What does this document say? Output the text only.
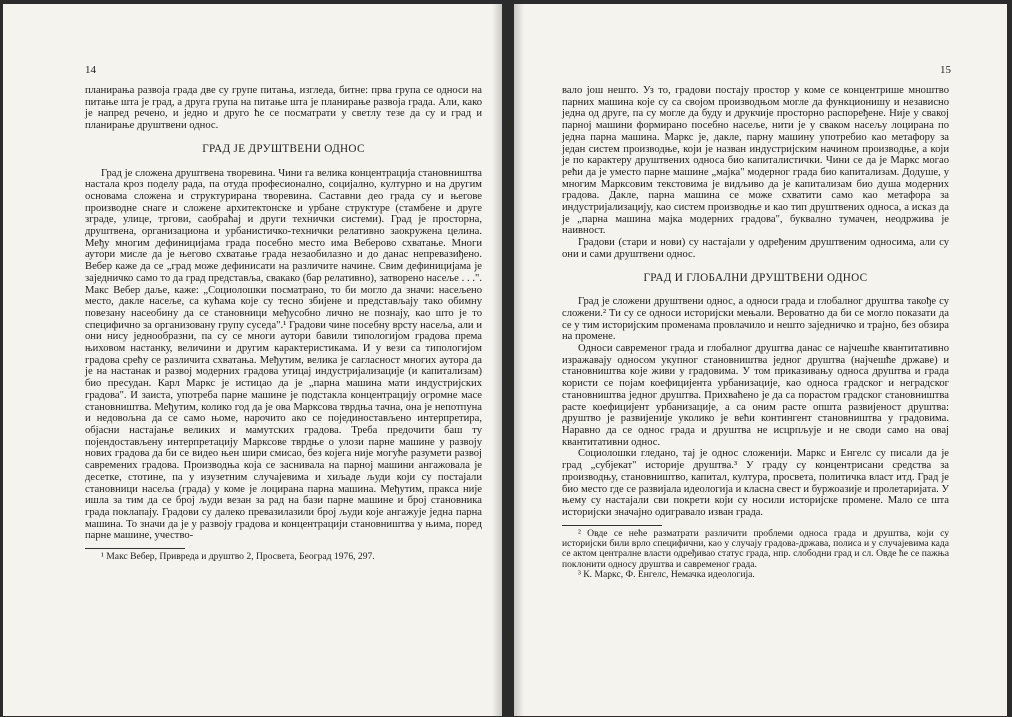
14

планирања развоја града две су групе питања, изгледа, битне: прва група се односи на питање шта је град, а друга група на питање шта је планирање развоја града. Али, како је напред речено, и једно и друго ће се посматрати у светлу тезе да су и град и планирање друштвени однос.

ГРАД ЈЕ ДРУШТВЕНИ ОДНОС

Град је сложена друштвена творевина. Чини га велика концентрација становништва настала кроз поделу рада, па отуда професионално, социјално, културно и на другим основама сложена и структурирана творевина. Саставни део града су и његове производне снаге и сложене архитектонске и урбане структуре (стамбене и друге зграде, улице, тргови, саобраћај и други технички системи). Град је просторна, друштвена, организациона и урбанистичко-технички релативно заокружена целина. Међу многим дефиницијама града посебно место има Веберово схватање. Многи аутори мисле да је његово схватање града незаобилазно и до данас непревазиђено. Вебер каже да се „град може дефинисати на различите начине. Свим дефиницијама је заједничко само то да град представља, свакако (бар релативно), затворено насеље . . .". Макс Вебер даље, каже: „Социолошки посматрано, то би могло да значи: насељено место, дакле насеље, са кућама које су тесно збијене и представљају тако обимну повезану насеобину да се становници међусобно лично не познају, као што је то специфично за организовану групу суседа".¹ Градови чине посебну врсту насеља, али и они нису једнообразни, па су се многи аутори бавили типологијом градова према њиховом настанку, величини и другим карактеристикама. И у вези са типологијом градова срећу се различита схватања. Међутим, велика је сагласност многих аутора да је на настанак и развој модерних градова утицај индустријализације (и капитализам) био пресудан. Карл Маркс је истицао да је „парна машина мати индустријских градова". И заиста, употреба парне машине је подстакла концентрацију огромне масе становништва. Међутим, колико год да је ова Марксова тврдња тачна, она је непотпуна и недовољна да се само њоме, нарочито ако се појединостављено интерпретира, објасни настајање великих и мамутских градова. Треба предочити баш ту појендостављену интерпретацију Марксове тврдње о улози парне машине у развоју нових градова да би се видео њен шири смисао, без којега није могуће разумети развој савремених градова. Производња која се заснивала на парној машини ангажовала је десетке, стотине, па у изузетним случајевима и хиљаде људи који су постајали становници насеља (града) у коме је лоцирана парна машина. Међутим, пракса није ишла за тим да се број људи везан за рад на бази парне машине и број становника града поклапају. Градови су далеко превазилазили број људи које ангажује једна парна машина. То значи да је у развоју градова и концентрацији становништва у њима, поред парне машине, учество-

¹ Макс Вебер, Привреда и друштво 2, Просвета, Београд 1976, 297.

15

вало још нешто. Уз то, градови постају простор у коме се концентрише мноштво парних машина које су са својом производњом могле да функционишу и независно једна од друге, па су могле да буду и друкчије просторно распоређене. Није у свакој парној машини формирано посебно насеље, нити је у сваком насељу лоцирана по једна парна машина. Маркс је, дакле, парну машину употребио као метафору за један систем производње, који је назван индустријским начином производње, а који је по карактеру друштвених односа био капиталистички. Чини се да је Маркс могао рећи да је уместо парне машине „мајка" модерног града био капитализам. Додуше, у многим Марксовим текстовима је видљиво да је капитализам био душа модерних градова. Дакле, парна машина се може схватити само као метафора за индустријализацију, као систем производње и као тип друштвених односа, а исказ да је „парна машина мајка модерних градова", буквално тумачен, неодржива је наивност.

Градови (стари и нови) су настајали у одређеним друштвеним односима, али су они и сами друштвени однос.

ГРАД И ГЛОБАЛНИ ДРУШТВЕНИ ОДНОС

Град је сложени друштвени однос, а односи града и глобалног друштва такође су сложени.² Ти су се односи историјски мењали. Вероватно да би се могло показати да се у тим историјским променама провлачило и нешто заједничко и трајно, без обзира на промене.

Односи савременог града и глобалног друштва данас се најчешће квантитативно изражавају односом укупног становништва једног друштва (најчешће државе) и становништва које живи у градовима. У том приказивању односа друштва и града користи се појам коефицијента урбанизације, као односа градског и неградског становништва једног друштва. Прихваћено је да са порастом градског становништва расте коефицијент урбанизације, а са оним расте општа развијеност друштва: друштво је развијеније уколико је већи контингент становништва у градовима. Наравно да се однос града и друштва не исцрпљује и не своди само на овај квантитативни однос.

Социолошки гледано, тај је однос сложенији. Маркс и Енгелс су писали да је град „субјекат" историје друштва.³ У граду су концентрисани средства за производњу, становништво, капитал, култура, просвета, политичка власт итд. Град је био место где се развијала идеологија и класна свест и буржоазије и пролетаријата. У њему су настајали сви покрети који су носили историјске промене. Мало се шта историјски значајно одигравало изван града.

² Овде се неће разматрати различити проблеми односа града и друштва, који су историјски били врло специфични, као у случају градова-држава, полиса и у случајевима када се актом централне власти одређивао статус града, нпр. слободни град и сл. Овде ће се пажња поклонити односу друштва и савременог града.

³ К. Маркс, Ф. Енгелс, Немачка идеологија.
